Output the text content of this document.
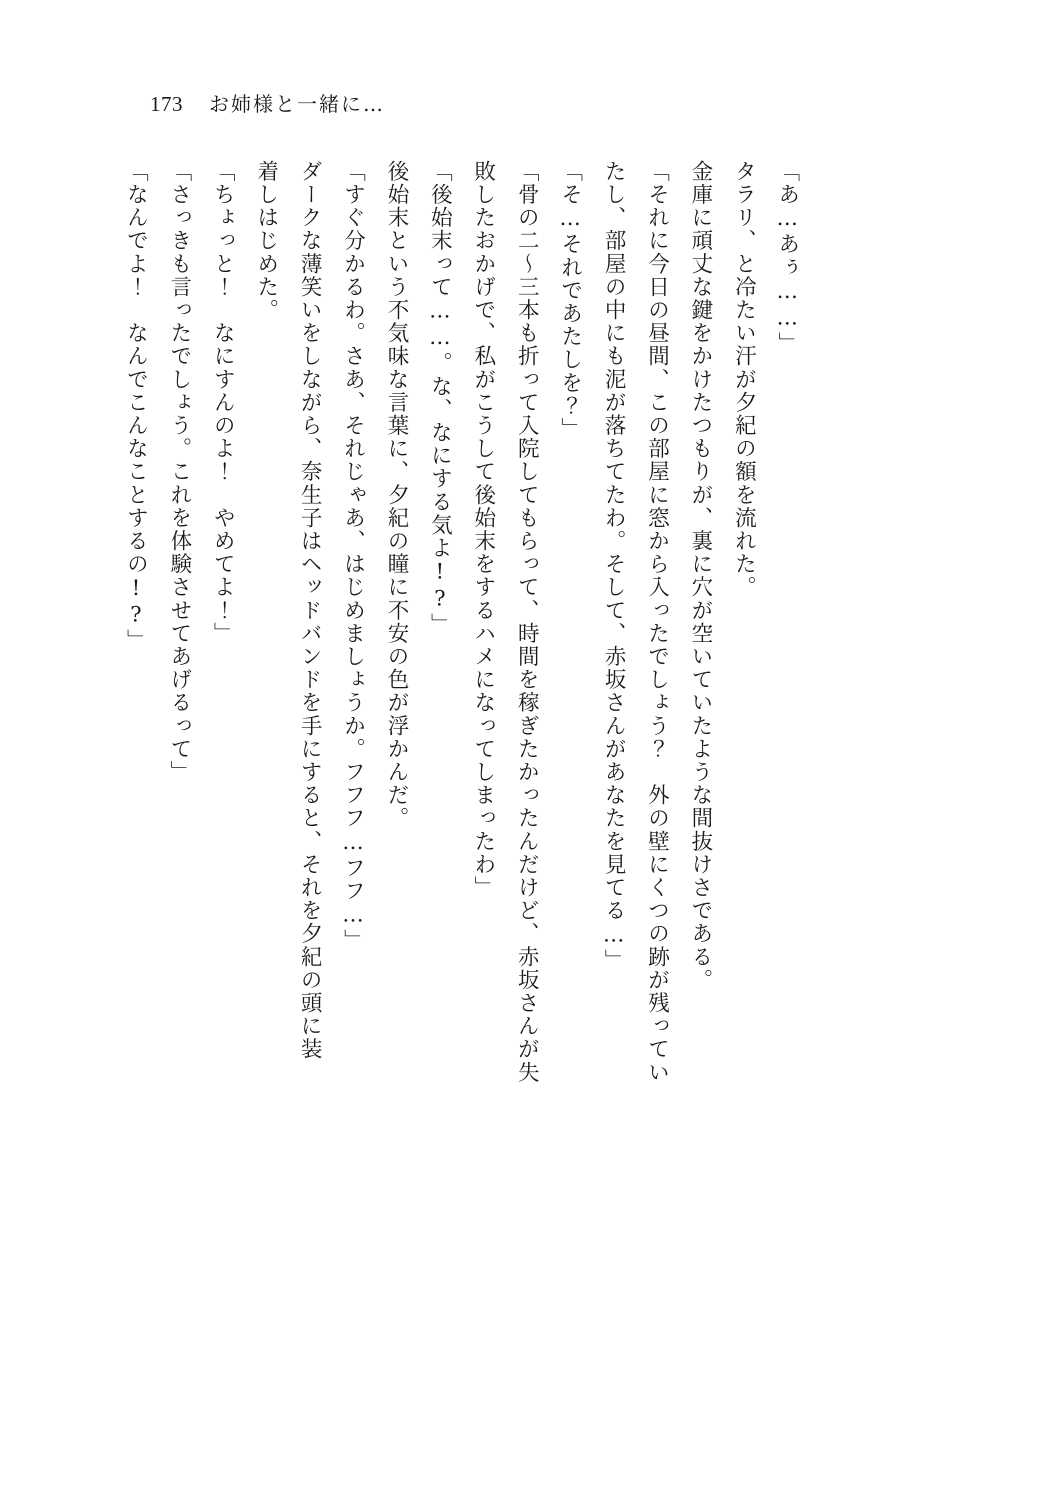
173 お姉様と一緒に…

「あ…あぅ……」

タラリ、と冷たい汗が夕紀の額を流れた。

金庫に頑丈な鍵をかけたつもりが、裏に穴が空いていたような間抜けさである。

「それに今日の昼間、この部屋に窓から入ったでしょう？　外の壁にくつの跡が残ってい

たし、部屋の中にも泥が落ちてたわ。そして、赤坂さんがあなたを見てる…」

「そ…それであたしを？」

「骨の二〜三本も折って入院してもらって、時間を稼ぎたかったんだけど、赤坂さんが失

敗したおかげで、私がこうして後始末をするハメになってしまったわ」

「後始末って……。な、なにする気よ!?」

後始末という不気味な言葉に、夕紀の瞳に不安の色が浮かんだ。

「すぐ分かるわ。さあ、それじゃあ、はじめましょうか。フフフ…フフ…」

ダークな薄笑いをしながら、奈生子はヘッドバンドを手にすると、それを夕紀の頭に装

着しはじめた。

「ちょっと！　なにすんのよ！　やめてよ！」

「さっきも言ったでしょう。これを体験させてあげるって」

「なんでよ！　なんでこんなことするの!?」
